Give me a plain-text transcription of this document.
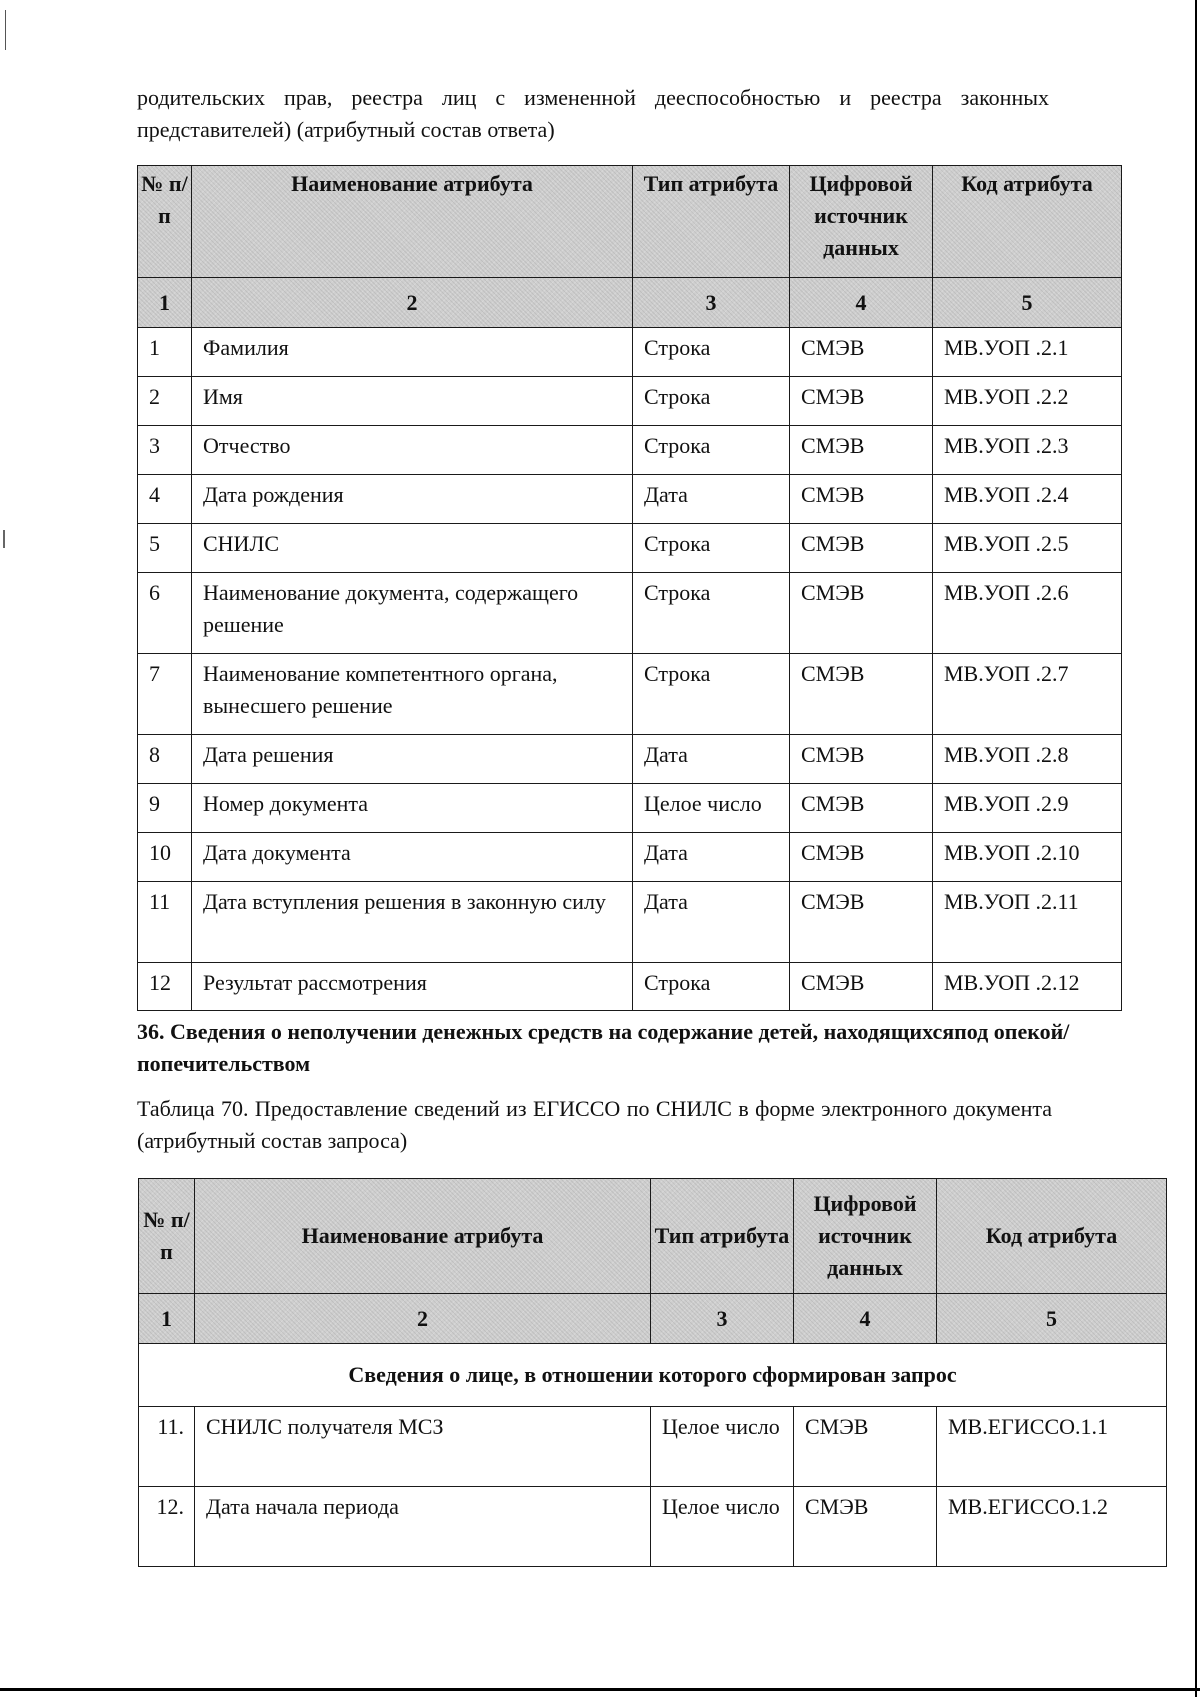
родительских прав, реестра лиц с измененной дееспособностью и реестра законных представителей) (атрибутный состав ответа)

№ п/п	Наименование атрибута	Тип атрибута	Цифровой источник данных	Код атрибута
1	2	3	4	5
1	Фамилия	Строка	СМЭВ	МВ.УОП .2.1
2	Имя	Строка	СМЭВ	МВ.УОП .2.2
3	Отчество	Строка	СМЭВ	МВ.УОП .2.3
4	Дата рождения	Дата	СМЭВ	МВ.УОП .2.4
5	СНИЛС	Строка	СМЭВ	МВ.УОП .2.5
6	Наименование документа, содержащего решение	Строка	СМЭВ	МВ.УОП .2.6
7	Наименование компетентного органа, вынесшего решение	Строка	СМЭВ	МВ.УОП .2.7
8	Дата решения	Дата	СМЭВ	МВ.УОП .2.8
9	Номер документа	Целое число	СМЭВ	МВ.УОП .2.9
10	Дата документа	Дата	СМЭВ	МВ.УОП .2.10
11	Дата вступления решения в законную силу	Дата	СМЭВ	МВ.УОП .2.11
12	Результат рассмотрения	Строка	СМЭВ	МВ.УОП .2.12

36. Сведения о неполучении денежных средств на содержание детей, находящихсяпод опекой/попечительством

Таблица 70. Предоставление сведений из ЕГИССО по СНИЛС в форме электронного документа (атрибутный состав запроса)

№ п/п	Наименование атрибута	Тип атрибута	Цифровой источник данных	Код атрибута
1	2	3	4	5
Сведения о лице, в отношении которого сформирован запрос				
11.	СНИЛС получателя МСЗ	Целое число	СМЭВ	МВ.ЕГИССО.1.1
12.	Дата начала периода	Целое число	СМЭВ	МВ.ЕГИССО.1.2
